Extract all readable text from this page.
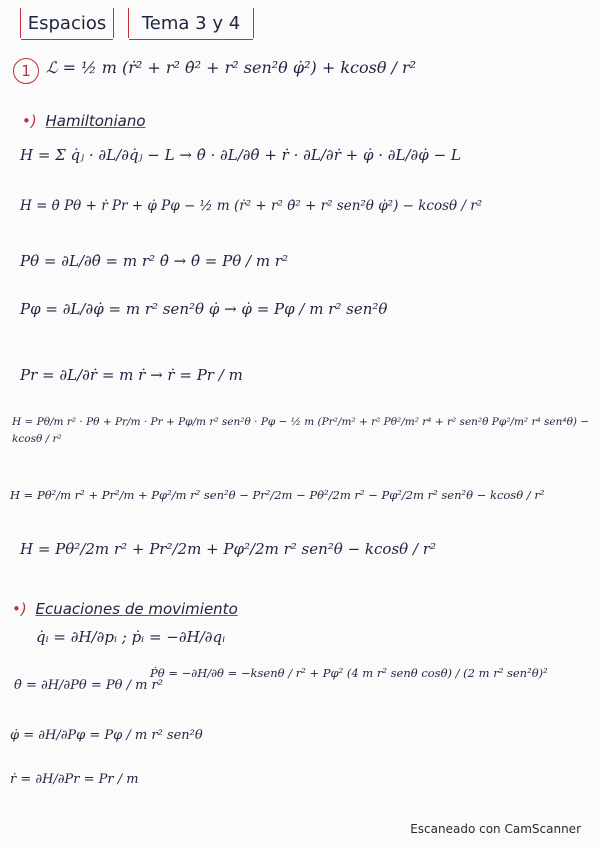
Espacios Tema 3 y 4
1 ℒ = ½ m (ṙ² + r² θ̇² + r² sen²θ φ̇²) + kcosθ / r²
•) Hamiltoniano
H = Σ q̇ⱼ · ∂L/∂q̇ⱼ − L → θ̇ · ∂L/∂θ̇ + ṙ · ∂L/∂ṙ + φ̇ · ∂L/∂φ̇ − L
H = θ̇ Pθ + ṙ Pr + φ̇ Pφ − ½ m (ṙ² + r² θ̇² + r² sen²θ φ̇²) − kcosθ / r²
Pθ = ∂L/∂θ̇ = m r² θ̇ → θ̇ = Pθ / m r²
Pφ = ∂L/∂φ̇ = m r² sen²θ φ̇ → φ̇ = Pφ / m r² sen²θ
Pr = ∂L/∂ṙ = m ṙ → ṙ = Pr / m
H = Pθ/m r² · Pθ + Pr/m · Pr + Pφ/m r² sen²θ · Pφ − ½ m (Pr²/m² + r² Pθ²/m² r⁴ + r² sen²θ Pφ²/m² r⁴ sen⁴θ) − kcosθ / r²
H = Pθ²/m r² + Pr²/m + Pφ²/m r² sen²θ − Pr²/2m − Pθ²/2m r² − Pφ²/2m r² sen²θ − kcosθ / r²
H = Pθ²/2m r² + Pr²/2m + Pφ²/2m r² sen²θ − kcosθ / r²
•) Ecuaciones de movimiento
q̇ᵢ = ∂H/∂pᵢ ; ṗᵢ = −∂H/∂qᵢ
θ̇ = ∂H/∂Pθ = Pθ / m r²
Ṗθ = −∂H/∂θ = −ksenθ / r² + Pφ² (4 m r² senθ cosθ) / (2 m r² sen²θ)²
φ̇ = ∂H/∂Pφ = Pφ / m r² sen²θ
ṙ = ∂H/∂Pr = Pr / m
Escaneado con CamScanner
